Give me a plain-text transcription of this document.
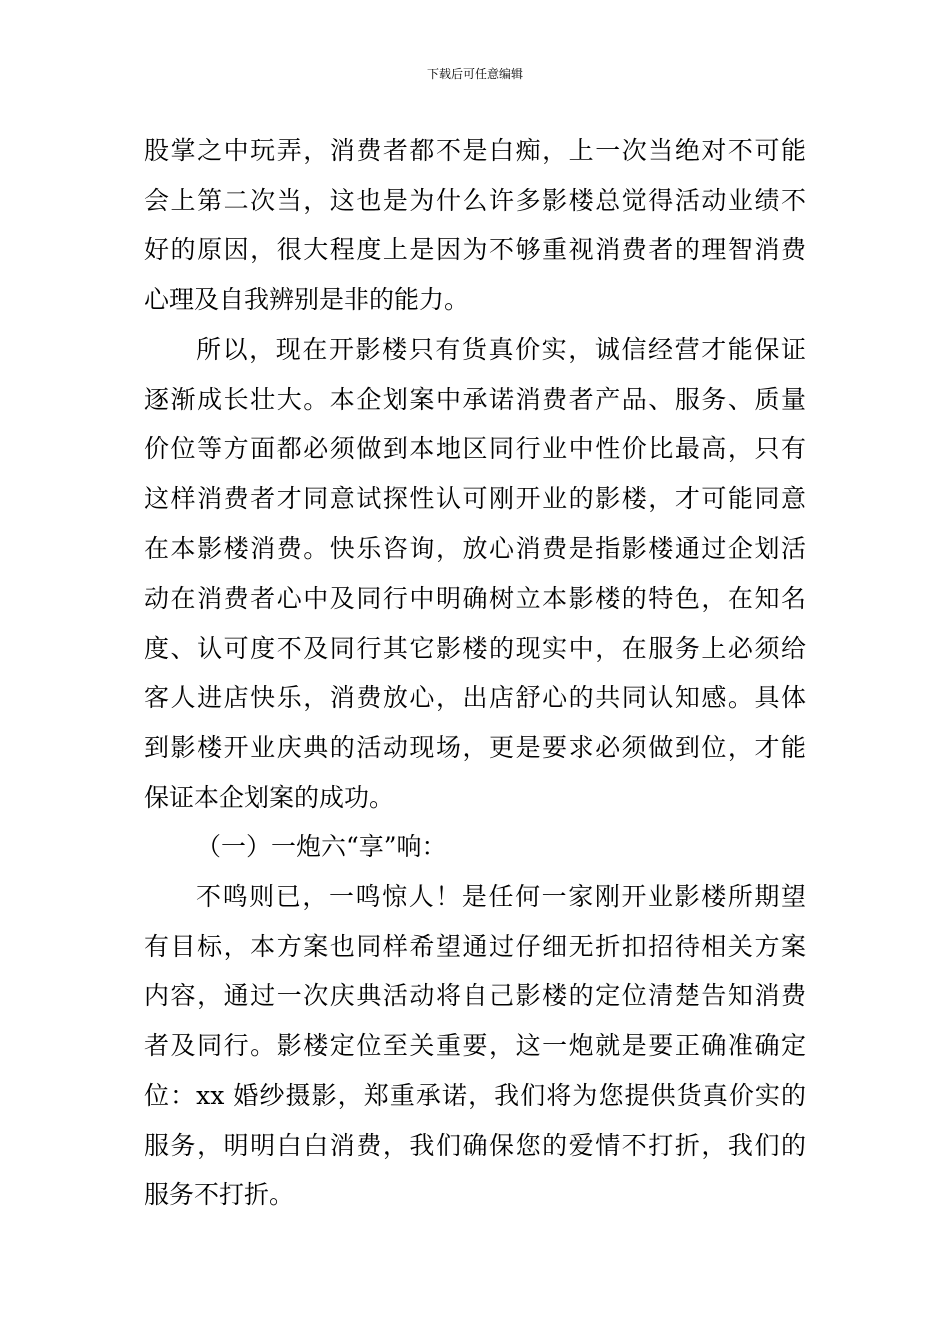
下载后可任意编辑
股掌之中玩弄，消费者都不是白痴，上一次当绝对不可能
会上第二次当，这也是为什么许多影楼总觉得活动业绩不
好的原因，很大程度上是因为不够重视消费者的理智消费
心理及自我辨别是非的能力。
所以，现在开影楼只有货真价实，诚信经营才能保证
逐渐成长壮大。本企划案中承诺消费者产品、服务、质量
价位等方面都必须做到本地区同行业中性价比最高，只有
这样消费者才同意试探性认可刚开业的影楼，才可能同意
在本影楼消费。快乐咨询，放心消费是指影楼通过企划活
动在消费者心中及同行中明确树立本影楼的特色，在知名
度、认可度不及同行其它影楼的现实中，在服务上必须给
客人进店快乐，消费放心，出店舒心的共同认知感。具体
到影楼开业庆典的活动现场，更是要求必须做到位，才能
保证本企划案的成功。
（一）一炮六“享”响：
不鸣则已，一鸣惊人！是任何一家刚开业影楼所期望
有目标，本方案也同样希望通过仔细无折扣招待相关方案
内容，通过一次庆典活动将自己影楼的定位清楚告知消费
者及同行。影楼定位至关重要，这一炮就是要正确准确定
位：xx 婚纱摄影，郑重承诺，我们将为您提供货真价实的
服务，明明白白消费，我们确保您的爱情不打折，我们的
服务不打折。
